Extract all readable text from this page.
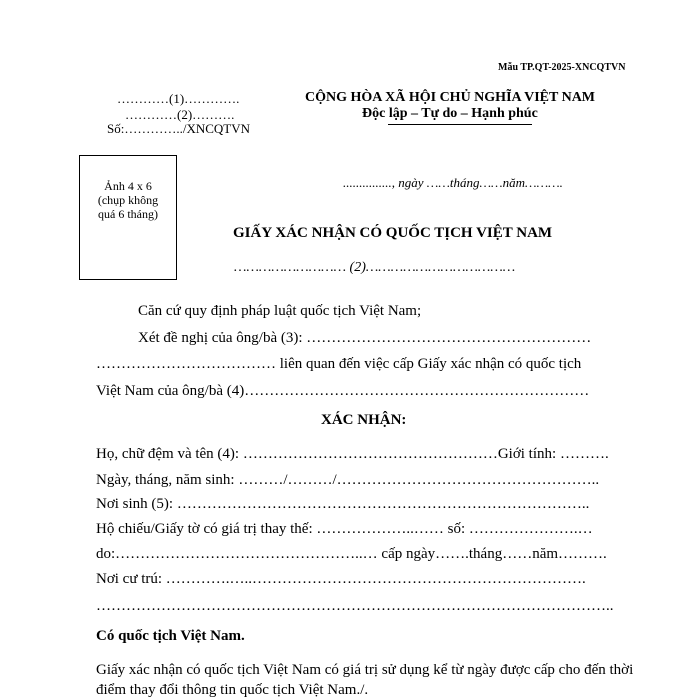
Mẫu TP.QT-2025-XNCQTVN
…………(1)………….
…………(2)……….
Số:…………../XNCQTVN
CỘNG HÒA XÃ HỘI CHỦ NGHĨA VIỆT NAM
Độc lập – Tự do – Hạnh phúc
Ảnh 4 x 6
(chụp không
quá 6 tháng)
..............., ngày ……tháng……năm……….
GIẤY XÁC NHẬN CÓ QUỐC TỊCH VIỆT NAM
……………………… (2)………………………………
Căn cứ quy định pháp luật quốc tịch Việt Nam;
Xét đề nghị của ông/bà (3): …………………………………………………
……………………………… liên quan đến việc cấp Giấy xác nhận có quốc tịch
Việt Nam của ông/bà (4)……………………………………………………………
XÁC NHẬN:
Họ, chữ đệm và tên (4): ……………………………………………Giới tính: ……….
Ngày, tháng, năm sinh: ………/………/……………………………………………..
Nơi sinh (5): ………………………………………………………………………..
Hộ chiếu/Giấy tờ có giá trị thay thế: ………………..…… số: ………………….…
do:…………………………………………..… cấp ngày…….tháng……năm……….
Nơi cư trú: ………….…..………………………………………………………….
…………………………………………………………………………………………..
Có quốc tịch Việt Nam.
Giấy xác nhận có quốc tịch Việt Nam có giá trị sử dụng kể từ ngày được cấp cho đến thời điểm thay đổi thông tin quốc tịch Việt Nam./.
